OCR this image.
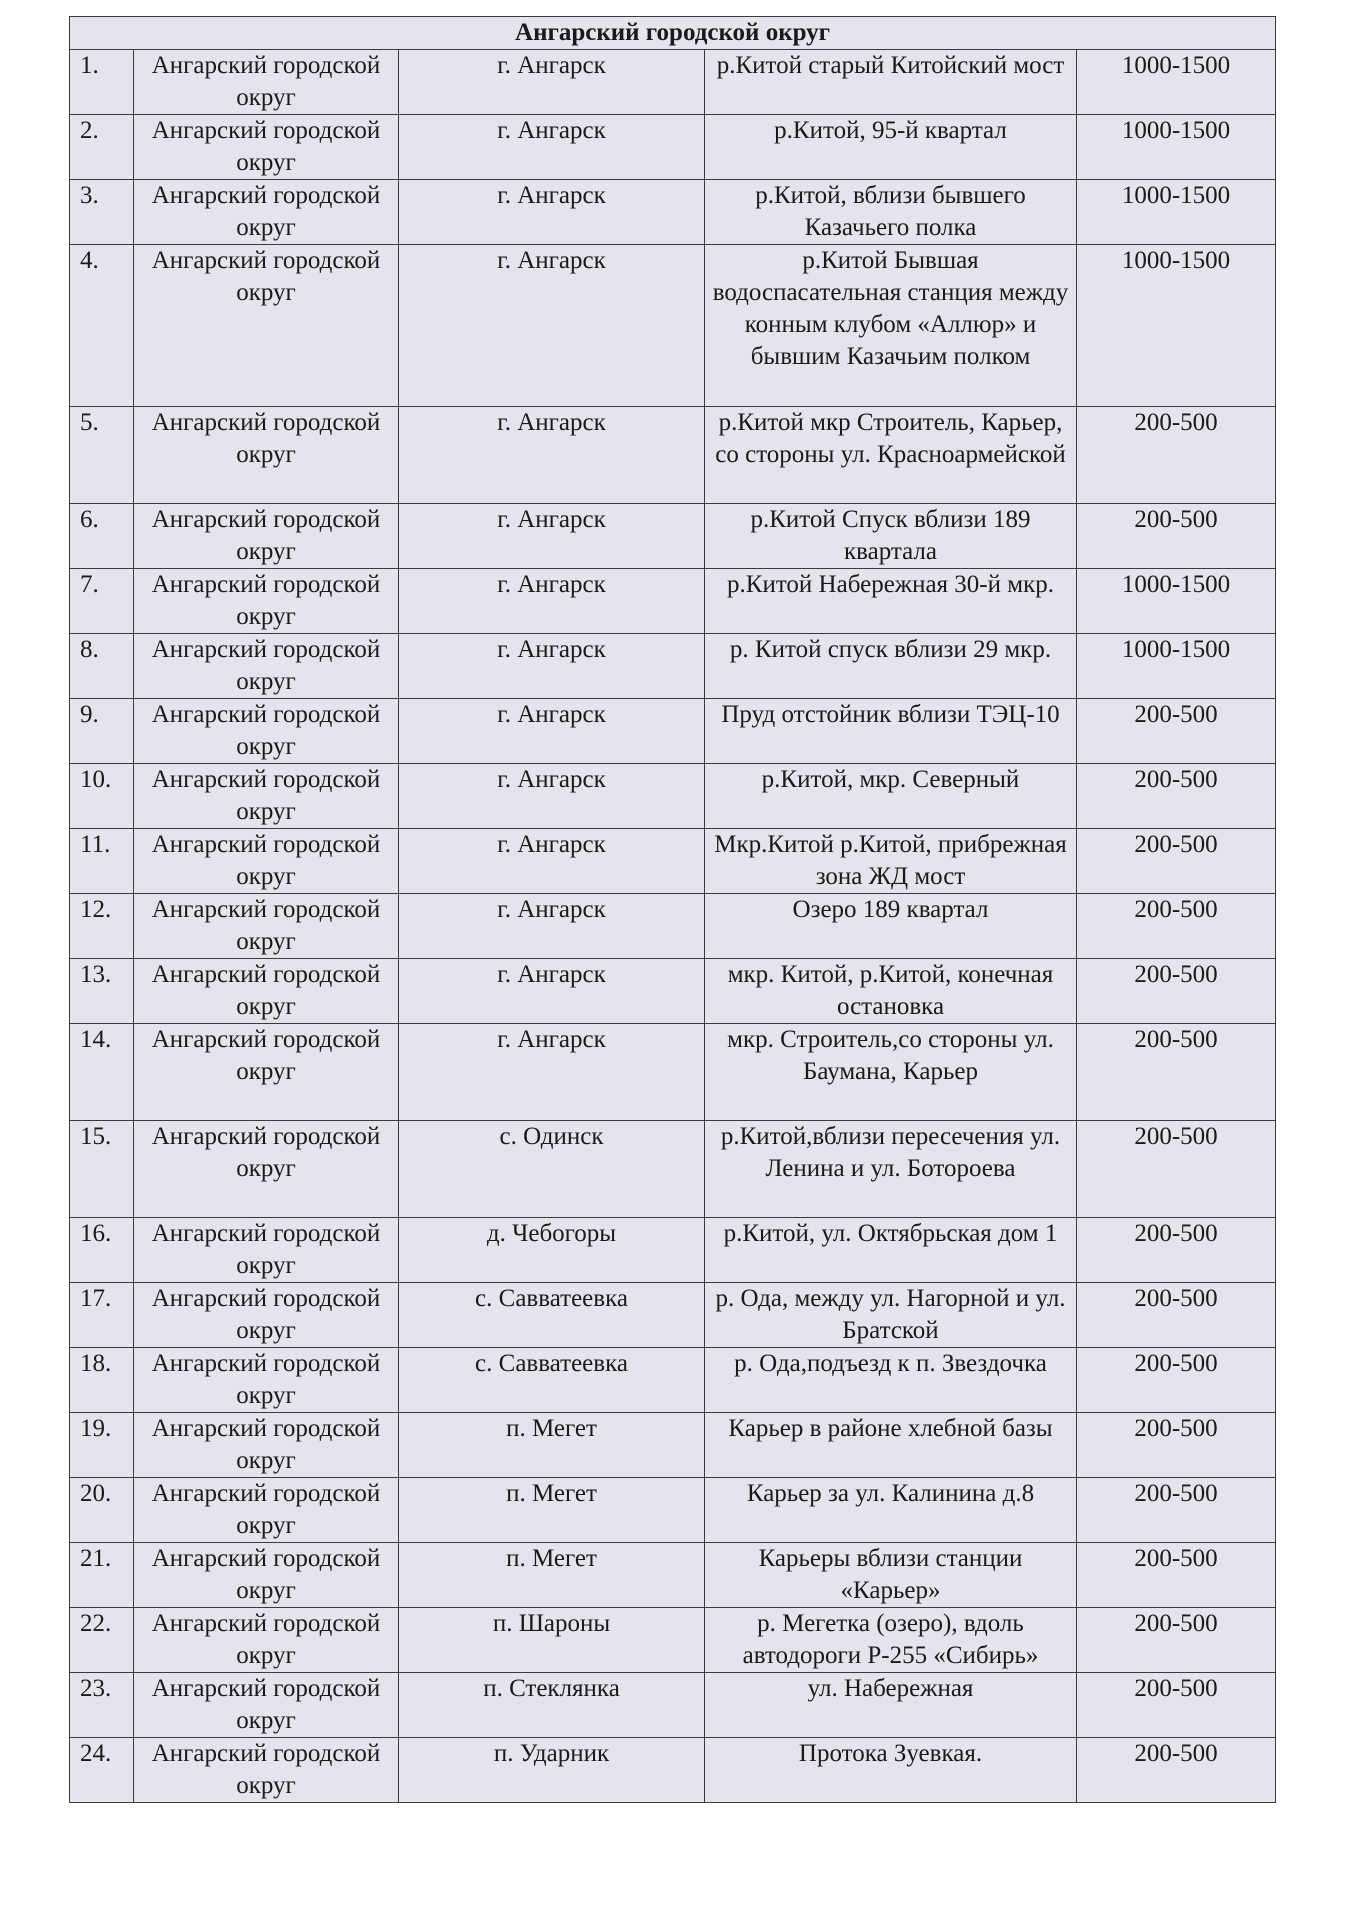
Ангарский городской округ				
1.	Ангарский городской округ	г. Ангарск	р.Китой старый Китойский мост	1000-1500
2.	Ангарский городской округ	г. Ангарск	р.Китой, 95-й квартал	1000-1500
3.	Ангарский городской округ	г. Ангарск	р.Китой, вблизи бывшего Казачьего полка	1000-1500
4.	Ангарский городской округ	г. Ангарск	р.Китой Бывшая водоспасательная станция между конным клубом «Аллюр» и бывшим Казачьим полком	1000-1500
5.	Ангарский городской округ	г. Ангарск	р.Китой мкр Строитель, Карьер, со стороны ул. Красноармейской	200-500
6.	Ангарский городской округ	г. Ангарск	р.Китой Спуск вблизи 189 квартала	200-500
7.	Ангарский городской округ	г. Ангарск	р.Китой Набережная 30-й мкр.	1000-1500
8.	Ангарский городской округ	г. Ангарск	р. Китой спуск вблизи 29 мкр.	1000-1500
9.	Ангарский городской округ	г. Ангарск	Пруд отстойник вблизи ТЭЦ-10	200-500
10.	Ангарский городской округ	г. Ангарск	р.Китой, мкр. Северный	200-500
11.	Ангарский городской округ	г. Ангарск	Мкр.Китой р.Китой, прибрежная зона ЖД мост	200-500
12.	Ангарский городской округ	г. Ангарск	Озеро 189 квартал	200-500
13.	Ангарский городской округ	г. Ангарск	мкр. Китой, р.Китой, конечная остановка	200-500
14.	Ангарский городской округ	г. Ангарск	мкр. Строитель,со стороны ул. Баумана, Карьер	200-500
15.	Ангарский городской округ	с. Одинск	р.Китой,вблизи пересечения ул. Ленина и ул. Ботороева	200-500
16.	Ангарский городской округ	д. Чебогоры	р.Китой, ул. Октябрьская дом 1	200-500
17.	Ангарский городской округ	с. Савватеевка	р. Ода, между ул. Нагорной и ул. Братской	200-500
18.	Ангарский городской округ	с. Савватеевка	р. Ода,подъезд к п. Звездочка	200-500
19.	Ангарский городской округ	п. Мегет	Карьер в районе хлебной базы	200-500
20.	Ангарский городской округ	п. Мегет	Карьер за ул. Калинина д.8	200-500
21.	Ангарский городской округ	п. Мегет	Карьеры вблизи станции «Карьер»	200-500
22.	Ангарский городской округ	п. Шароны	р. Мегетка (озеро), вдоль автодороги Р-255 «Сибирь»	200-500
23.	Ангарский городской округ	п. Стеклянка	ул. Набережная	200-500
24.	Ангарский городской округ	п. Ударник	Протока Зуевкая.	200-500
